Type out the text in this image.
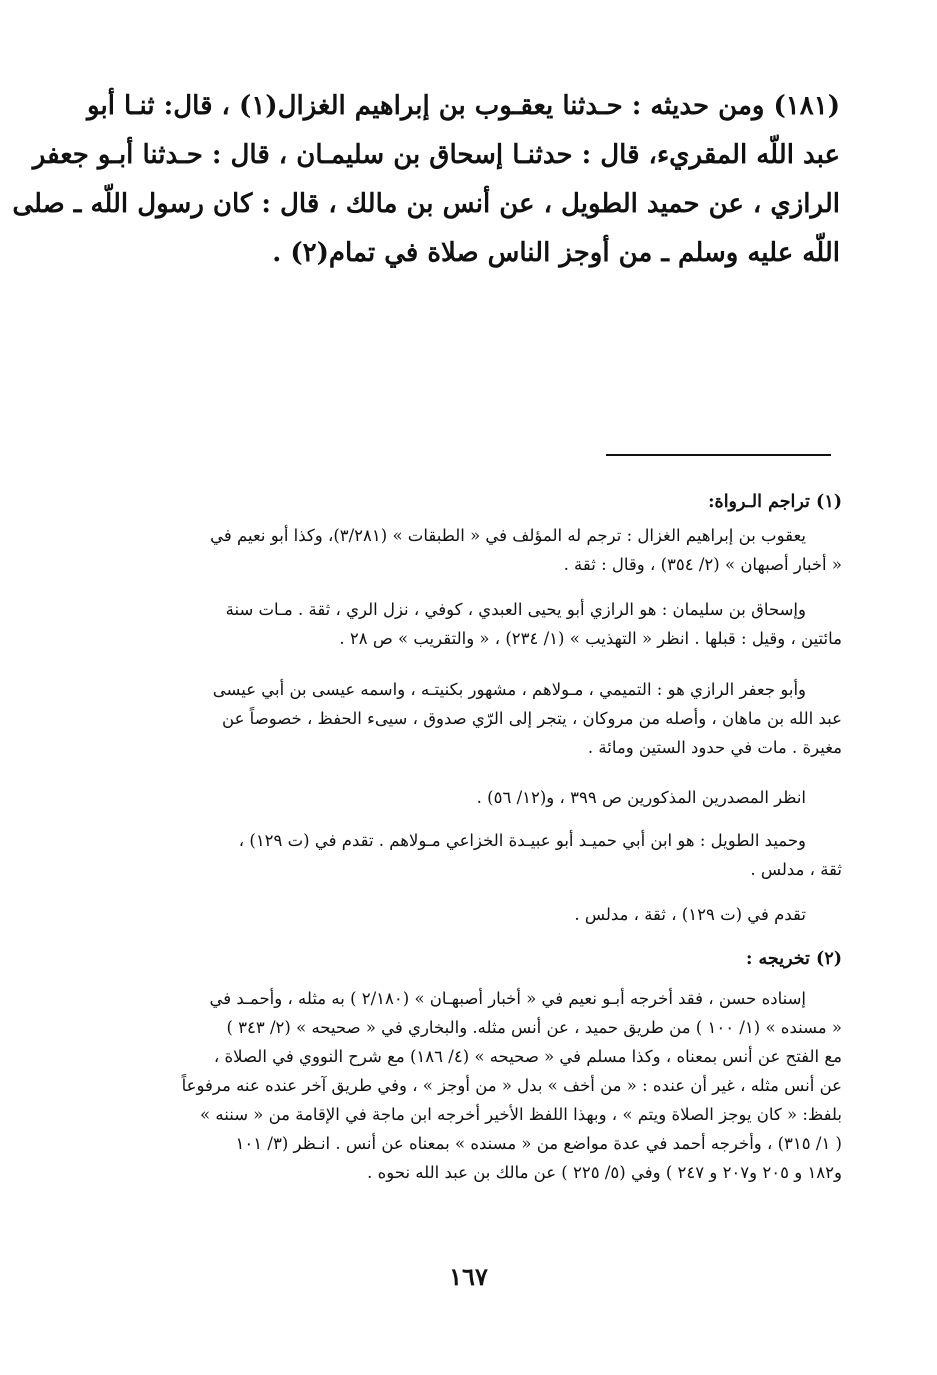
(١٨١) ومن حديثه : حـدثنا يعقـوب بن إبراهيم الغزال(١) ، قال: ثنـا أبو
عبد اللّه المقريء، قال : حدثنـا إسحاق بن سليمـان ، قال : حـدثنا أبـو جعفر
الرازي ، عن حميد الطويل ، عن أنس بن مالك ، قال : كان رسول اللّه ـ صلى
اللّه عليه وسلم ـ من أوجز الناس صلاة في تمام(٢) .
(١) تراجم الـرواة:
يعقوب بن إبراهيم الغزال : ترجم له المؤلف في « الطبقات » (٣/٢٨١)، وكذا أبو نعيم في
« أخبار أصبهان » (٢/ ٣٥٤) ، وقال : ثقة .
وإسحاق بن سليمان : هو الرازي أبو يحيى العبدي ، كوفي ، نزل الري ، ثقة . مـات سنة
مائتين ، وقيل : قبلها . انظر « التهذيب » (١/ ٢٣٤) ، « والتقريب » ص ٢٨ .
وأبو جعفر الرازي هو : التميمي ، مـولاهم ، مشهور بكنيتـه ، واسمه عيسى بن أبي عيسى
عبد الله بن ماهان ، وأصله من مروكان ، يتجر إلى الرّي صدوق ، سيىء الحفظ ، خصوصاً عن
مغيرة . مات في حدود الستين ومائة .
انظر المصدرين المذكورين ص ٣٩٩ ، و(١٢/ ٥٦) .
وحميد الطويل : هو ابن أبي حميـد أبو عبيـدة الخزاعي مـولاهم . تقدم في (ت ١٢٩) ،
ثقة ، مدلس .
تقدم في (ت ١٢٩) ، ثقة ، مدلس .
(٢) تخريجه :
إسناده حسن ، فقد أخرجه أبـو نعيم في « أخبار أصبهـان » (٢/١٨٠ ) به مثله ، وأحمـد في
« مسنده » (١/ ١٠٠ ) من طريق حميد ، عن أنس مثله. والبخاري في « صحيحه » (٢/ ٣٤٣ )
مع الفتح عن أنس بمعناه ، وكذا مسلم في « صحيحه » (٤/ ١٨٦) مع شرح النووي في الصلاة ،
عن أنس مثله ، غير أن عنده : « من أخف » بدل « من أوجز » ، وفي طريق آخر عنده عنه مرفوعاً
بلفظ: « كان يوجز الصلاة ويتم » ، وبهذا اللفظ الأخير أخرجه ابن ماجة في الإقامة من « سننه »
( ١/ ٣١٥) ، وأخرجه أحمد في عدة مواضع من « مسنده » بمعناه عن أنس . انـظر (٣/ ١٠١
و١٨٢ و ٢٠٥ و٢٠٧ و ٢٤٧ ) وفي (٥/ ٢٢٥ ) عن مالك بن عبد الله نحوه .
١٦٧
